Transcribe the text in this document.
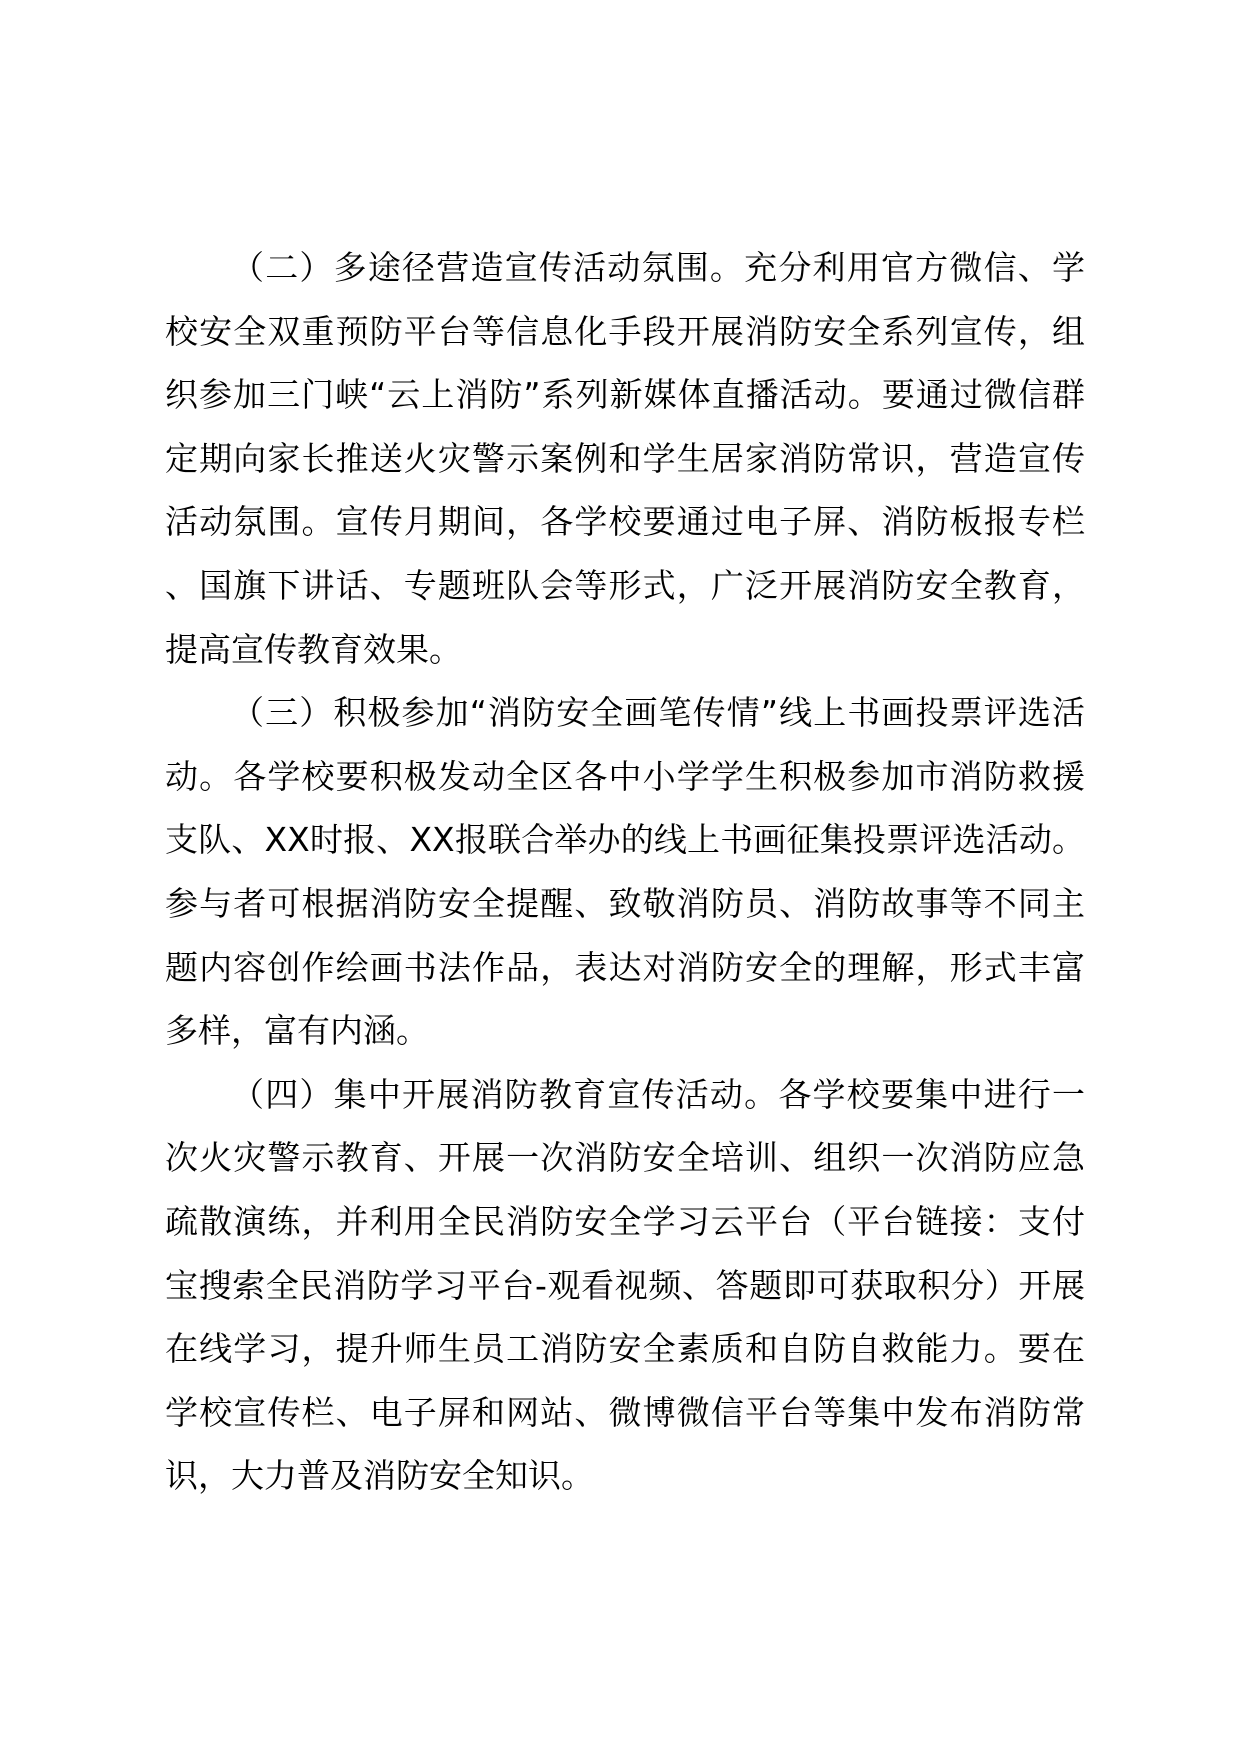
（二）多途径营造宣传活动氛围。充分利用官方微信、学校安全双重预防平台等信息化手段开展消防安全系列宣传，组织参加三门峡“云上消防”系列新媒体直播活动。要通过微信群定期向家长推送火灾警示案例和学生居家消防常识，营造宣传活动氛围。宣传月期间，各学校要通过电子屏、消防板报专栏、国旗下讲话、专题班队会等形式，广泛开展消防安全教育，提高宣传教育效果。

（三）积极参加“消防安全画笔传情”线上书画投票评选活动。各学校要积极发动全区各中小学学生积极参加市消防救援支队、XX时报、XX报联合举办的线上书画征集投票评选活动。参与者可根据消防安全提醒、致敬消防员、消防故事等不同主题内容创作绘画书法作品，表达对消防安全的理解，形式丰富多样，富有内涵。

（四）集中开展消防教育宣传活动。各学校要集中进行一次火灾警示教育、开展一次消防安全培训、组织一次消防应急疏散演练，并利用全民消防安全学习云平台（平台链接：支付宝搜索全民消防学习平台-观看视频、答题即可获取积分）开展在线学习，提升师生员工消防安全素质和自防自救能力。要在学校宣传栏、电子屏和网站、微博微信平台等集中发布消防常识，大力普及消防安全知识。
